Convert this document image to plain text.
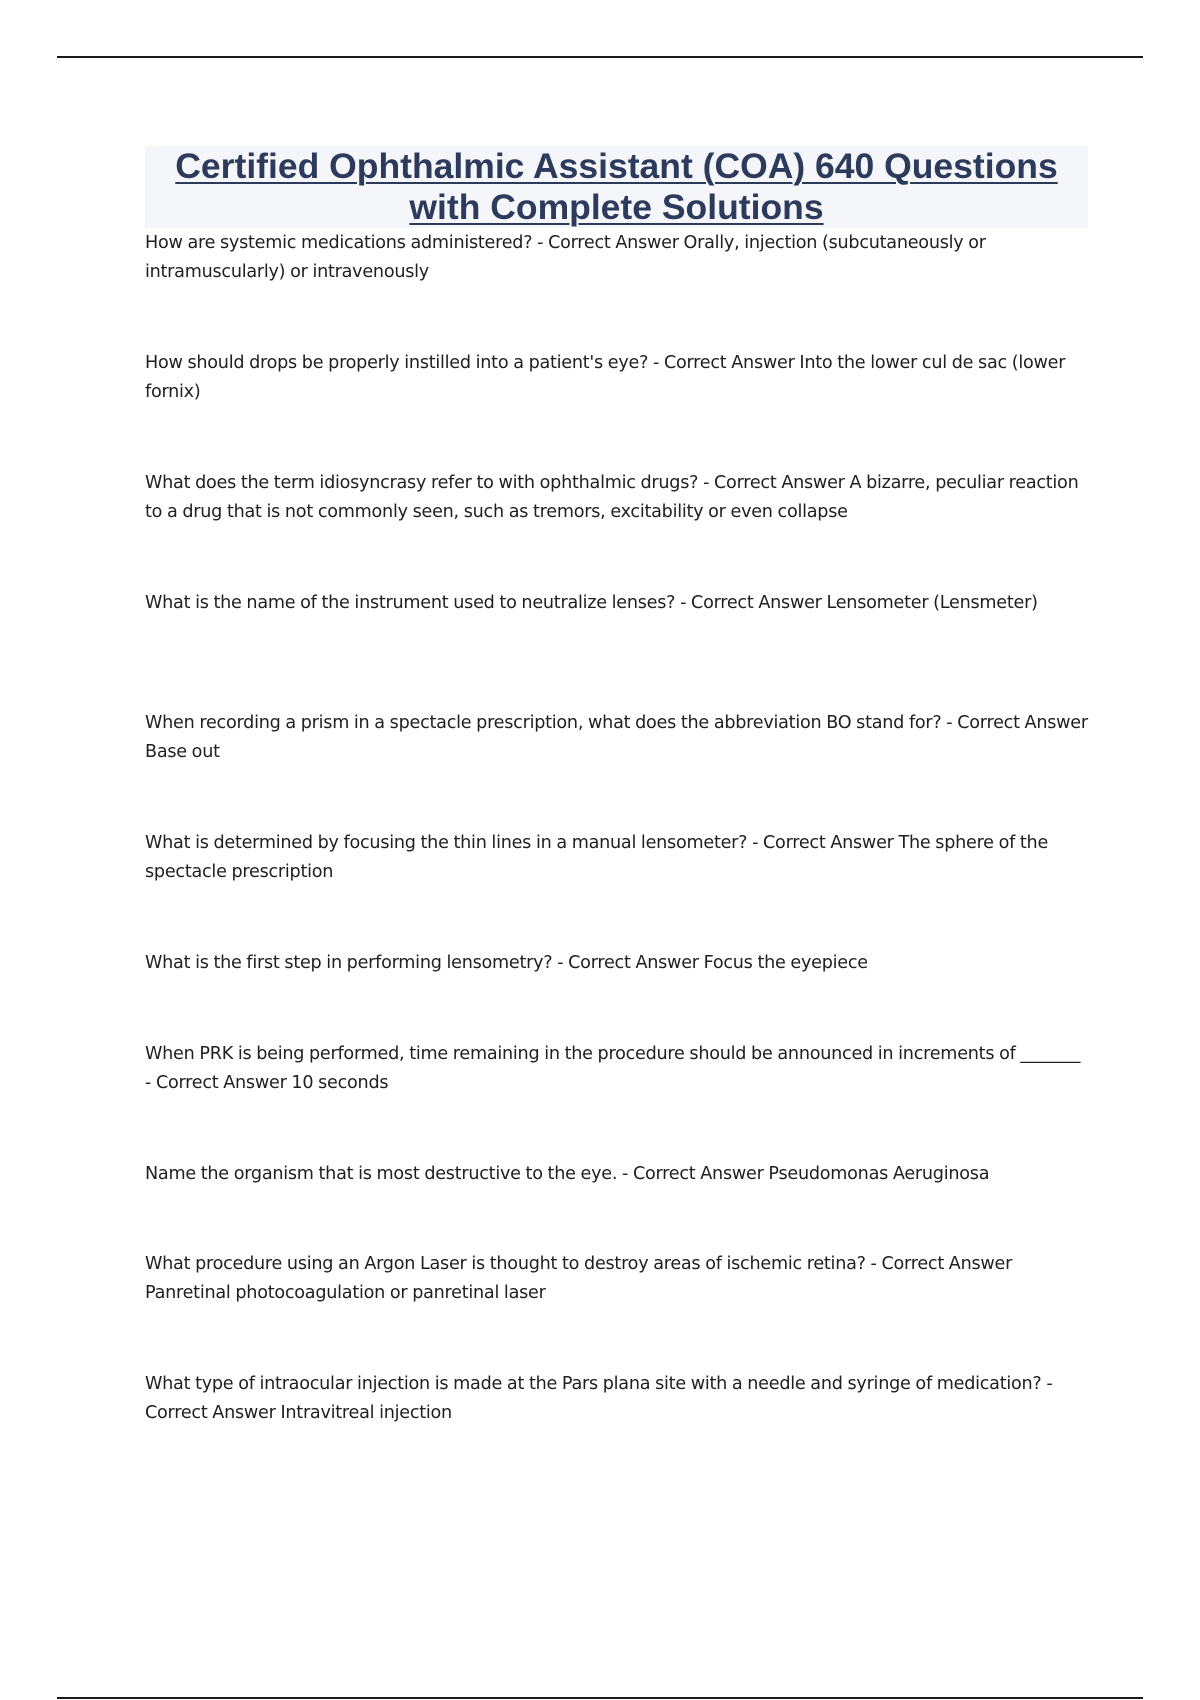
Certified Ophthalmic Assistant (COA) 640 Questions with Complete Solutions

How are systemic medications administered? - Correct Answer Orally, injection (subcutaneously or intramuscularly) or intravenously

How should drops be properly instilled into a patient's eye? - Correct Answer Into the lower cul de sac (lower fornix)

What does the term idiosyncrasy refer to with ophthalmic drugs? - Correct Answer A bizarre, peculiar reaction to a drug that is not commonly seen, such as tremors, excitability or even collapse

What is the name of the instrument used to neutralize lenses? - Correct Answer Lensometer (Lensmeter)

When recording a prism in a spectacle prescription, what does the abbreviation BO stand for? - Correct Answer Base out

What is determined by focusing the thin lines in a manual lensometer? - Correct Answer The sphere of the spectacle prescription

What is the first step in performing lensometry? - Correct Answer Focus the eyepiece

When PRK is being performed, time remaining in the procedure should be announced in increments of _______ - Correct Answer 10 seconds

Name the organism that is most destructive to the eye. - Correct Answer Pseudomonas Aeruginosa

What procedure using an Argon Laser is thought to destroy areas of ischemic retina? - Correct Answer Panretinal photocoagulation or panretinal laser

What type of intraocular injection is made at the Pars plana site with a needle and syringe of medication? - Correct Answer Intravitreal injection
